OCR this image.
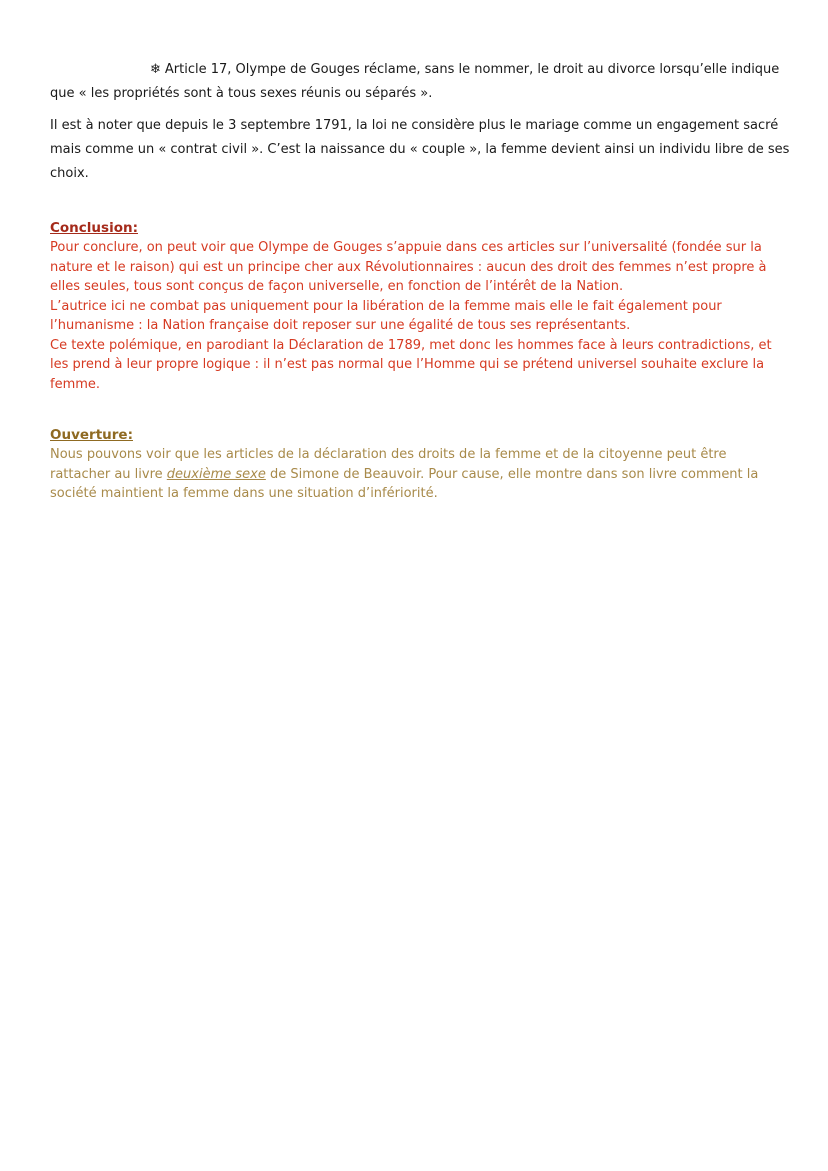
❄ Article 17, Olympe de Gouges réclame, sans le nommer, le droit au divorce lorsqu’elle indique que « les propriétés sont à tous sexes réunis ou séparés ».

Il est à noter que depuis le 3 septembre 1791, la loi ne considère plus le mariage comme un engagement sacré mais comme un « contrat civil ». C’est la naissance du « couple », la femme devient ainsi un individu libre de ses choix.

Conclusion:

Pour conclure, on peut voir que Olympe de Gouges s’appuie dans ces articles sur l’universalité (fondée sur la nature et le raison) qui est un principe cher aux Révolutionnaires : aucun des droit des femmes n’est propre à elles seules, tous sont conçus de façon universelle, en fonction de l’intérêt de la Nation.

L’autrice ici ne combat pas uniquement pour la libération de la femme mais elle le fait également pour l’humanisme : la Nation française doit reposer sur une égalité de tous ses représentants.

Ce texte polémique, en parodiant la Déclaration de 1789, met donc les hommes face à leurs contradictions, et les prend à leur propre logique : il n’est pas normal que l’Homme qui se prétend universel souhaite exclure la femme.

Ouverture:

Nous pouvons voir que les articles de la déclaration des droits de la femme et de la citoyenne peut être rattacher au livre deuxième sexe de Simone de Beauvoir. Pour cause, elle montre dans son livre comment la société maintient la femme dans une situation d’infériorité.
